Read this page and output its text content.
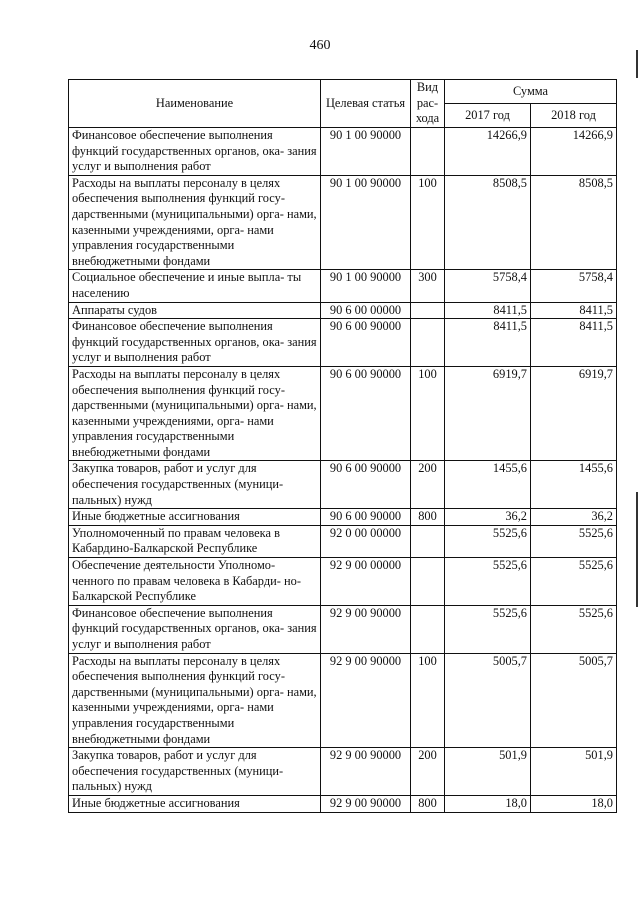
460
Наименование	Целевая статья	Вид рас- хода	Сумма	
			2017 год	2018 год
Финансовое обеспечение выполнения функций государственных органов, ока- зания услуг и выполнения работ	90 1 00 90000		14266,9	14266,9
Расходы на выплаты персоналу в целях обеспечения выполнения функций госу- дарственными (муниципальными) орга- нами, казенными учреждениями, орга- нами управления государственными внебюджетными фондами	90 1 00 90000	100	8508,5	8508,5
Социальное обеспечение и иные выпла- ты населению	90 1 00 90000	300	5758,4	5758,4
Аппараты судов	90 6 00 00000		8411,5	8411,5
Финансовое обеспечение выполнения функций государственных органов, ока- зания услуг и выполнения работ	90 6 00 90000		8411,5	8411,5
Расходы на выплаты персоналу в целях обеспечения выполнения функций госу- дарственными (муниципальными) орга- нами, казенными учреждениями, орга- нами управления государственными внебюджетными фондами	90 6 00 90000	100	6919,7	6919,7
Закупка товаров, работ и услуг для обеспечения государственных (муници- пальных) нужд	90 6 00 90000	200	1455,6	1455,6
Иные бюджетные ассигнования	90 6 00 90000	800	36,2	36,2
Уполномоченный по правам человека в Кабардино-Балкарской Республике	92 0 00 00000		5525,6	5525,6
Обеспечение деятельности Уполномо- ченного по правам человека в Кабарди- но-Балкарской Республике	92 9 00 00000		5525,6	5525,6
Финансовое обеспечение выполнения функций государственных органов, ока- зания услуг и выполнения работ	92 9 00 90000		5525,6	5525,6
Расходы на выплаты персоналу в целях обеспечения выполнения функций госу- дарственными (муниципальными) орга- нами, казенными учреждениями, орга- нами управления государственными внебюджетными фондами	92 9 00 90000	100	5005,7	5005,7
Закупка товаров, работ и услуг для обеспечения государственных (муници- пальных) нужд	92 9 00 90000	200	501,9	501,9
Иные бюджетные ассигнования	92 9 00 90000	800	18,0	18,0
